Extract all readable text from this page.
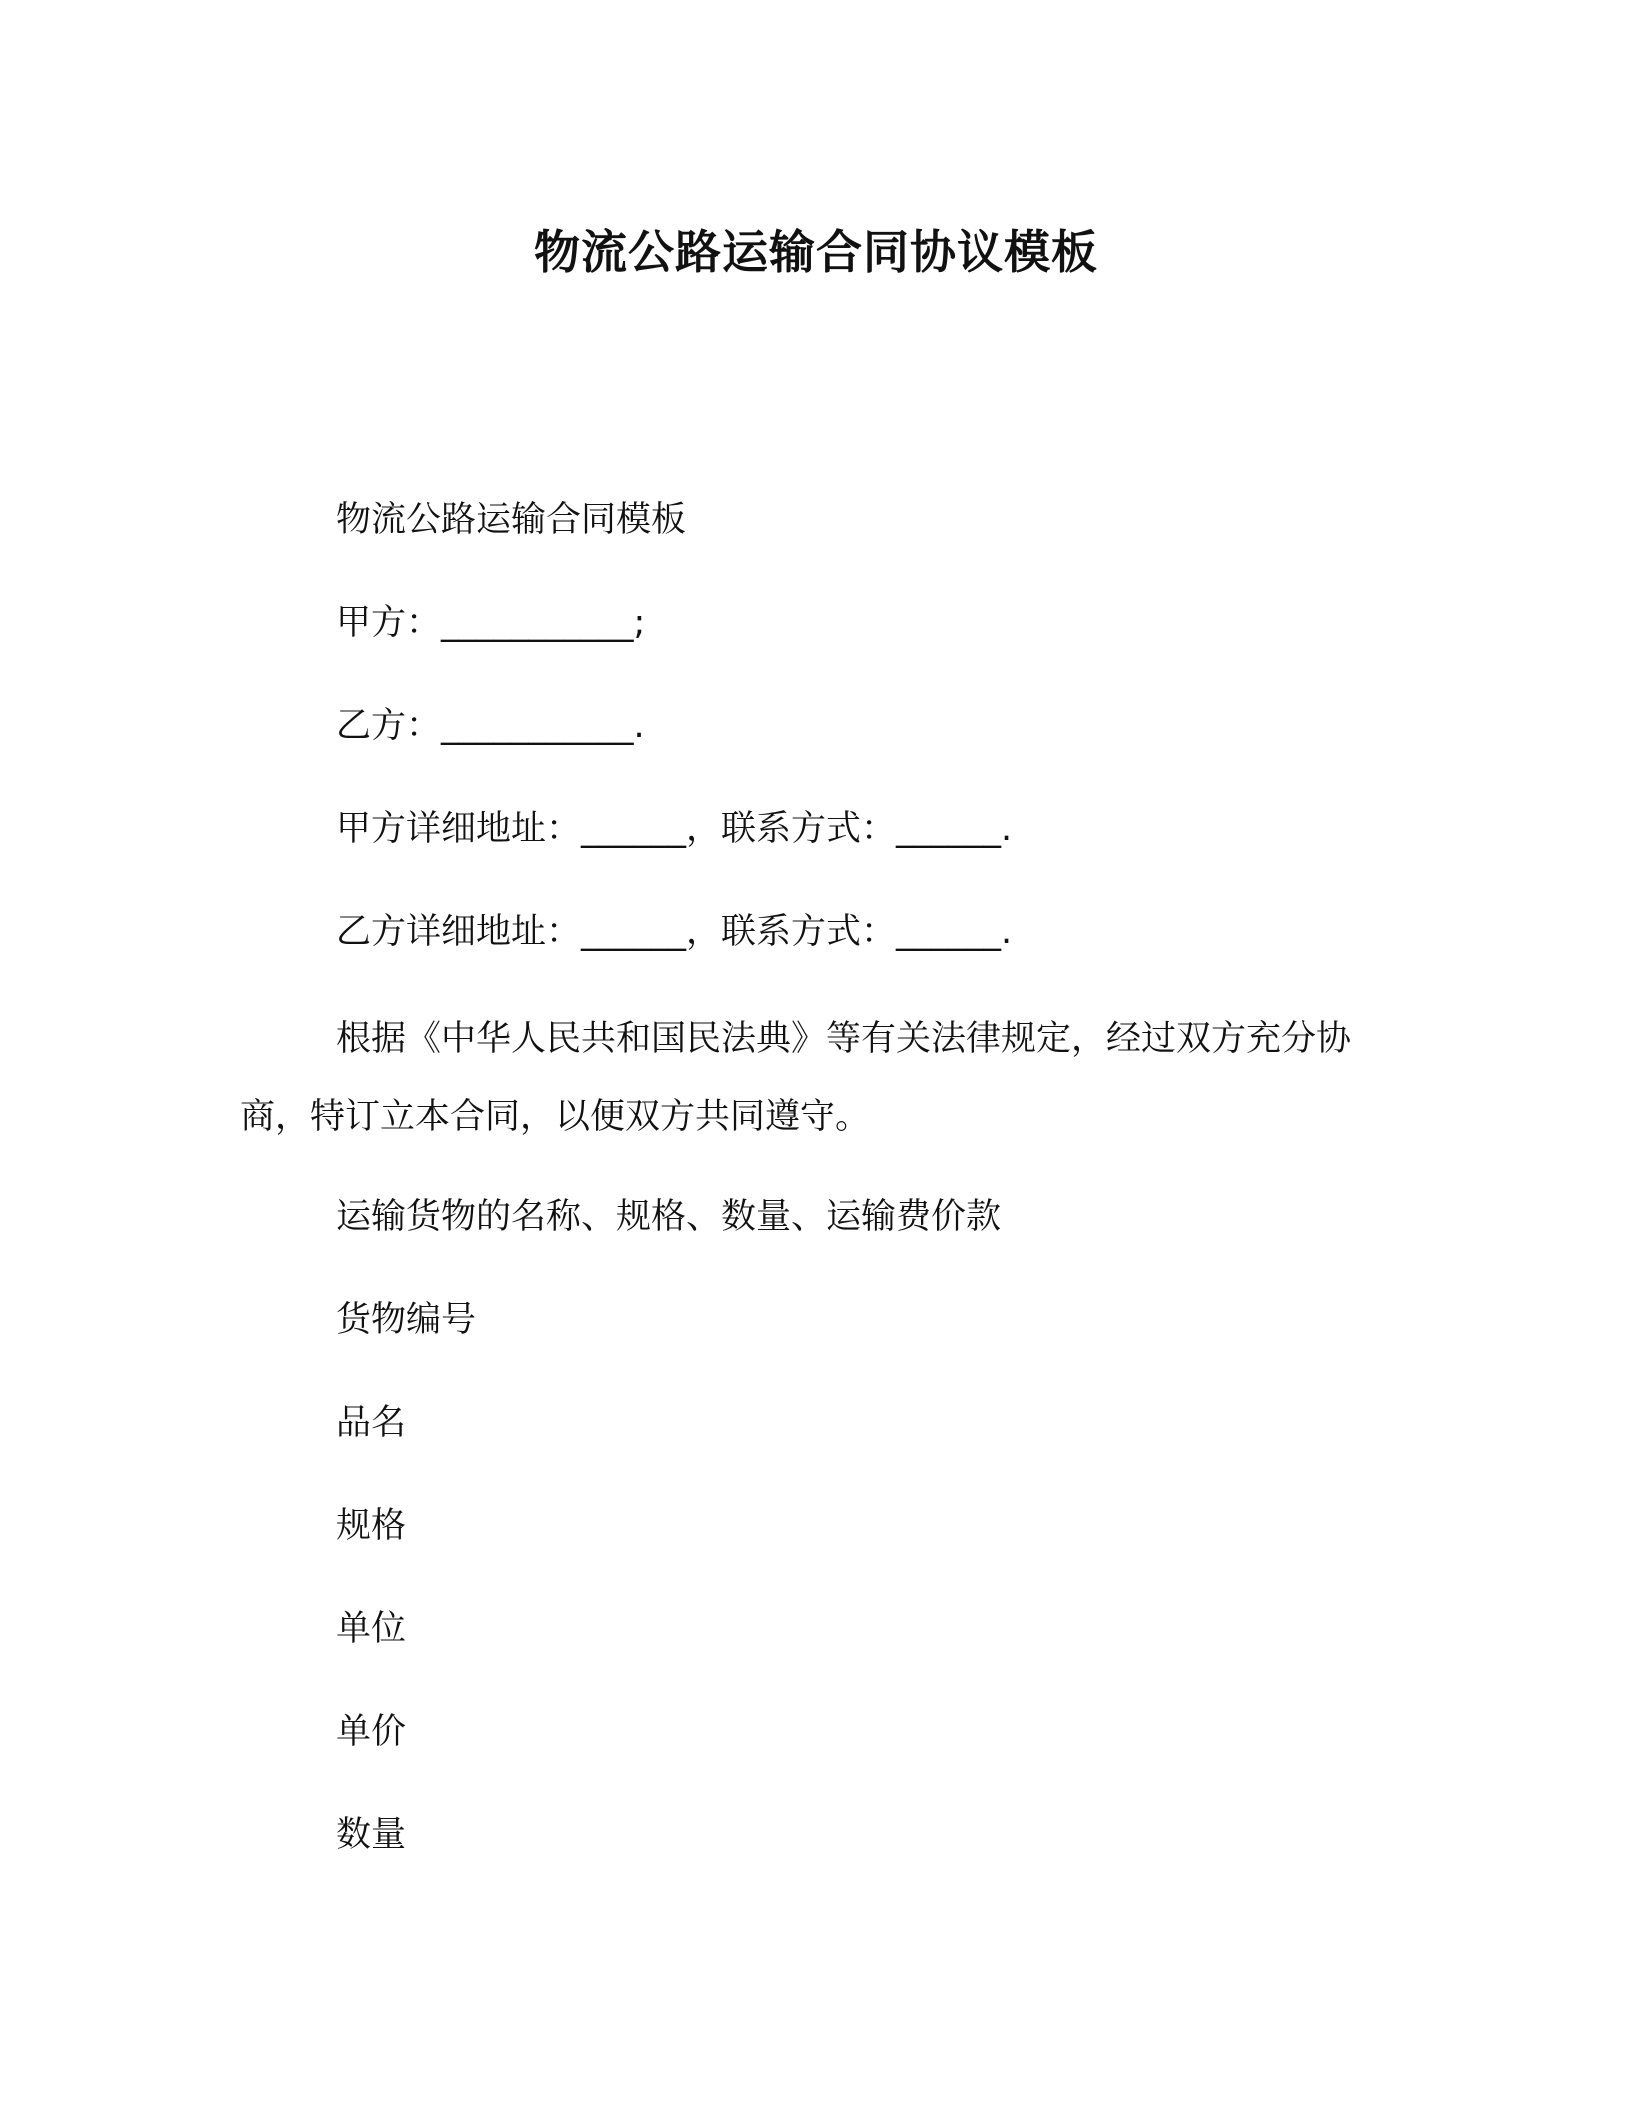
物流公路运输合同协议模板
物流公路运输合同模板
甲方：___________;
乙方：___________.
甲方详细地址：______，联系方式：______.
乙方详细地址：______，联系方式：______.
根据《中华人民共和国民法典》等有关法律规定，经过双方充分协商，特订立本合同，以便双方共同遵守。
运输货物的名称、规格、数量、运输费价款
货物编号
品名
规格
单位
单价
数量
